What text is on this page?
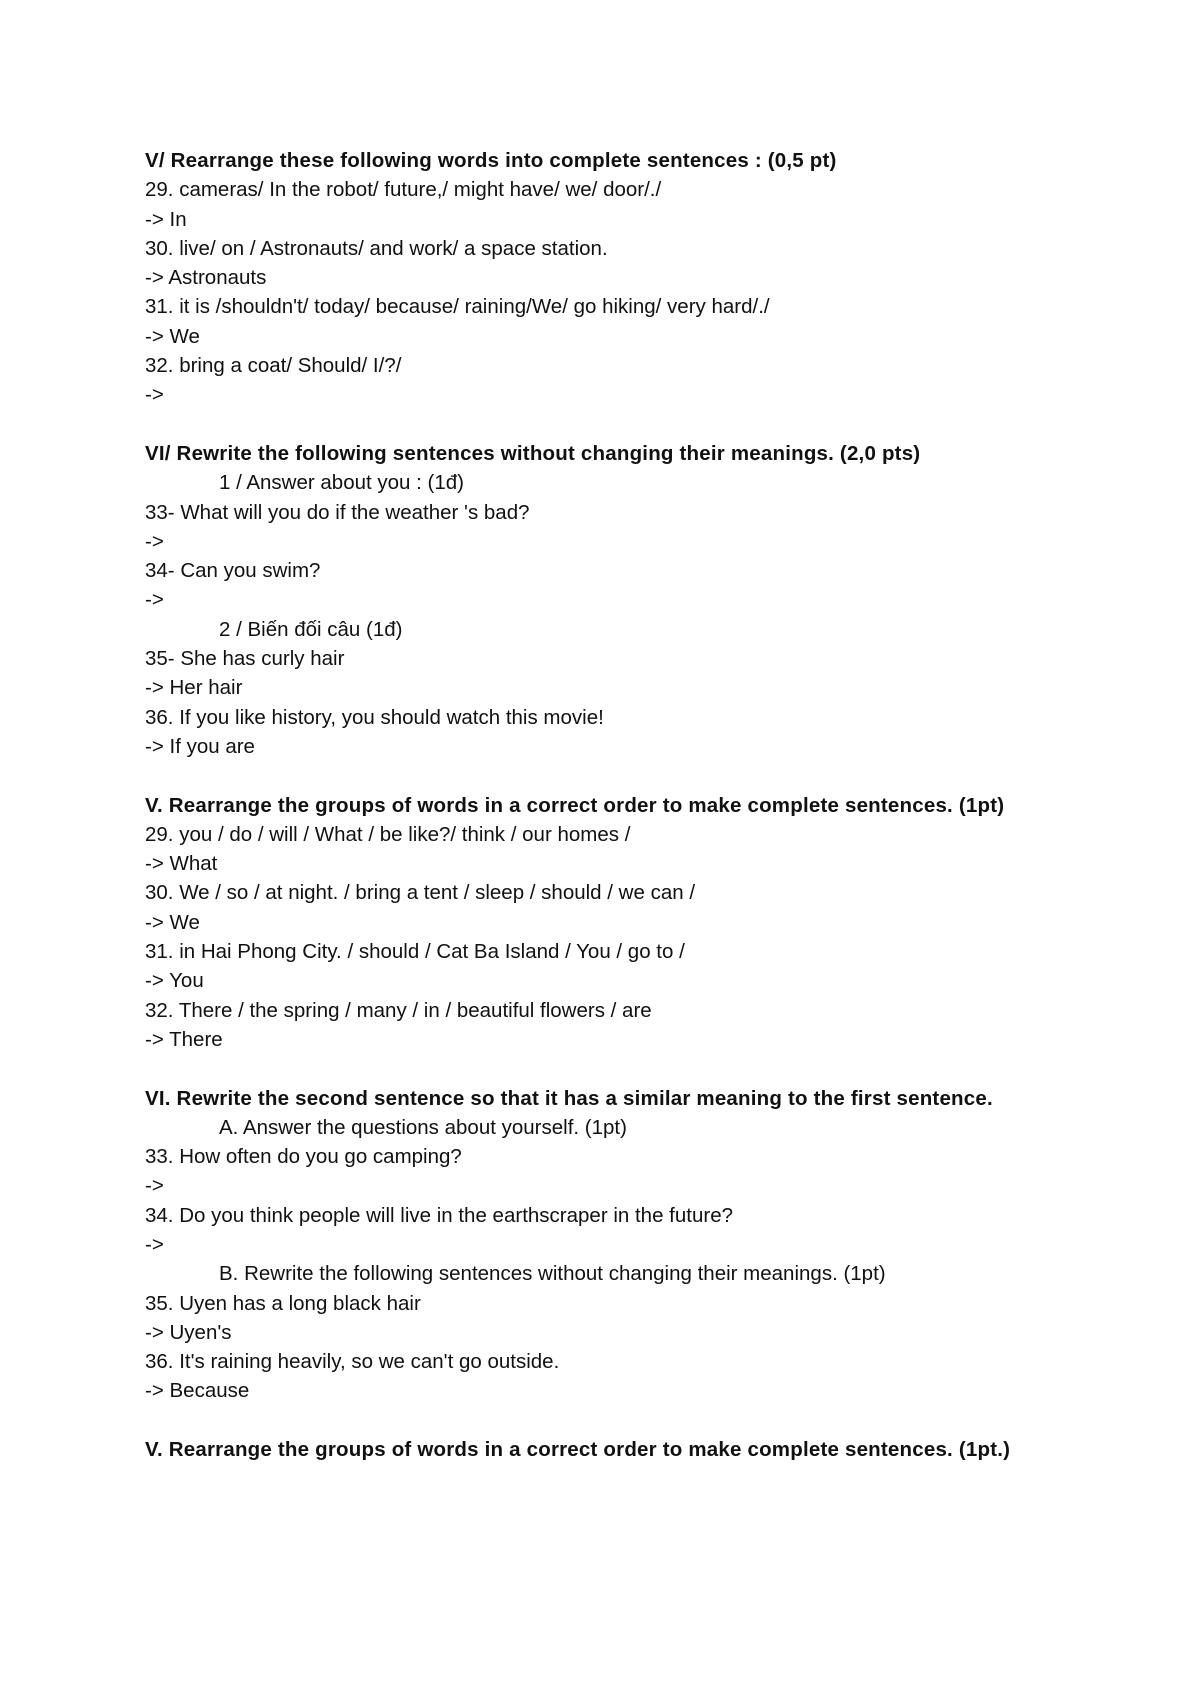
V/ Rearrange these following words into complete sentences : (0,5 pt)
29. cameras/ In the robot/ future,/ might have/ we/ door/./
-> In
30. live/ on / Astronauts/ and work/ a space station.
-> Astronauts
31. it is /shouldn't/ today/ because/ raining/We/ go hiking/ very hard/./
-> We
32. bring a coat/ Should/ I/?/
->
VI/ Rewrite the following sentences without changing their meanings. (2,0 pts)
1 / Answer about you : (1đ)
33- What will you do if the weather 's bad?
->
34- Can you swim?
->
2 / Biến đối câu (1đ)
35- She has curly hair
-> Her hair
36. If you like history, you should watch this movie!
-> If you are
V. Rearrange the groups of words in a correct order to make complete sentences. (1pt)
29. you / do / will / What / be like?/ think / our homes /
-> What
30. We / so / at night. / bring a tent / sleep / should / we can /
-> We
31. in Hai Phong City. / should / Cat Ba Island / You / go to /
-> You
32. There / the spring / many / in / beautiful flowers / are
-> There
VI. Rewrite the second sentence so that it has a similar meaning to the first sentence.
A. Answer the questions about yourself. (1pt)
33. How often do you go camping?
->
34. Do you think people will live in the earthscraper in the future?
->
B. Rewrite the following sentences without changing their meanings. (1pt)
35. Uyen has a long black hair
-> Uyen's
36. It's raining heavily, so we can't go outside.
-> Because
V. Rearrange the groups of words in a correct order to make complete sentences. (1pt.)
